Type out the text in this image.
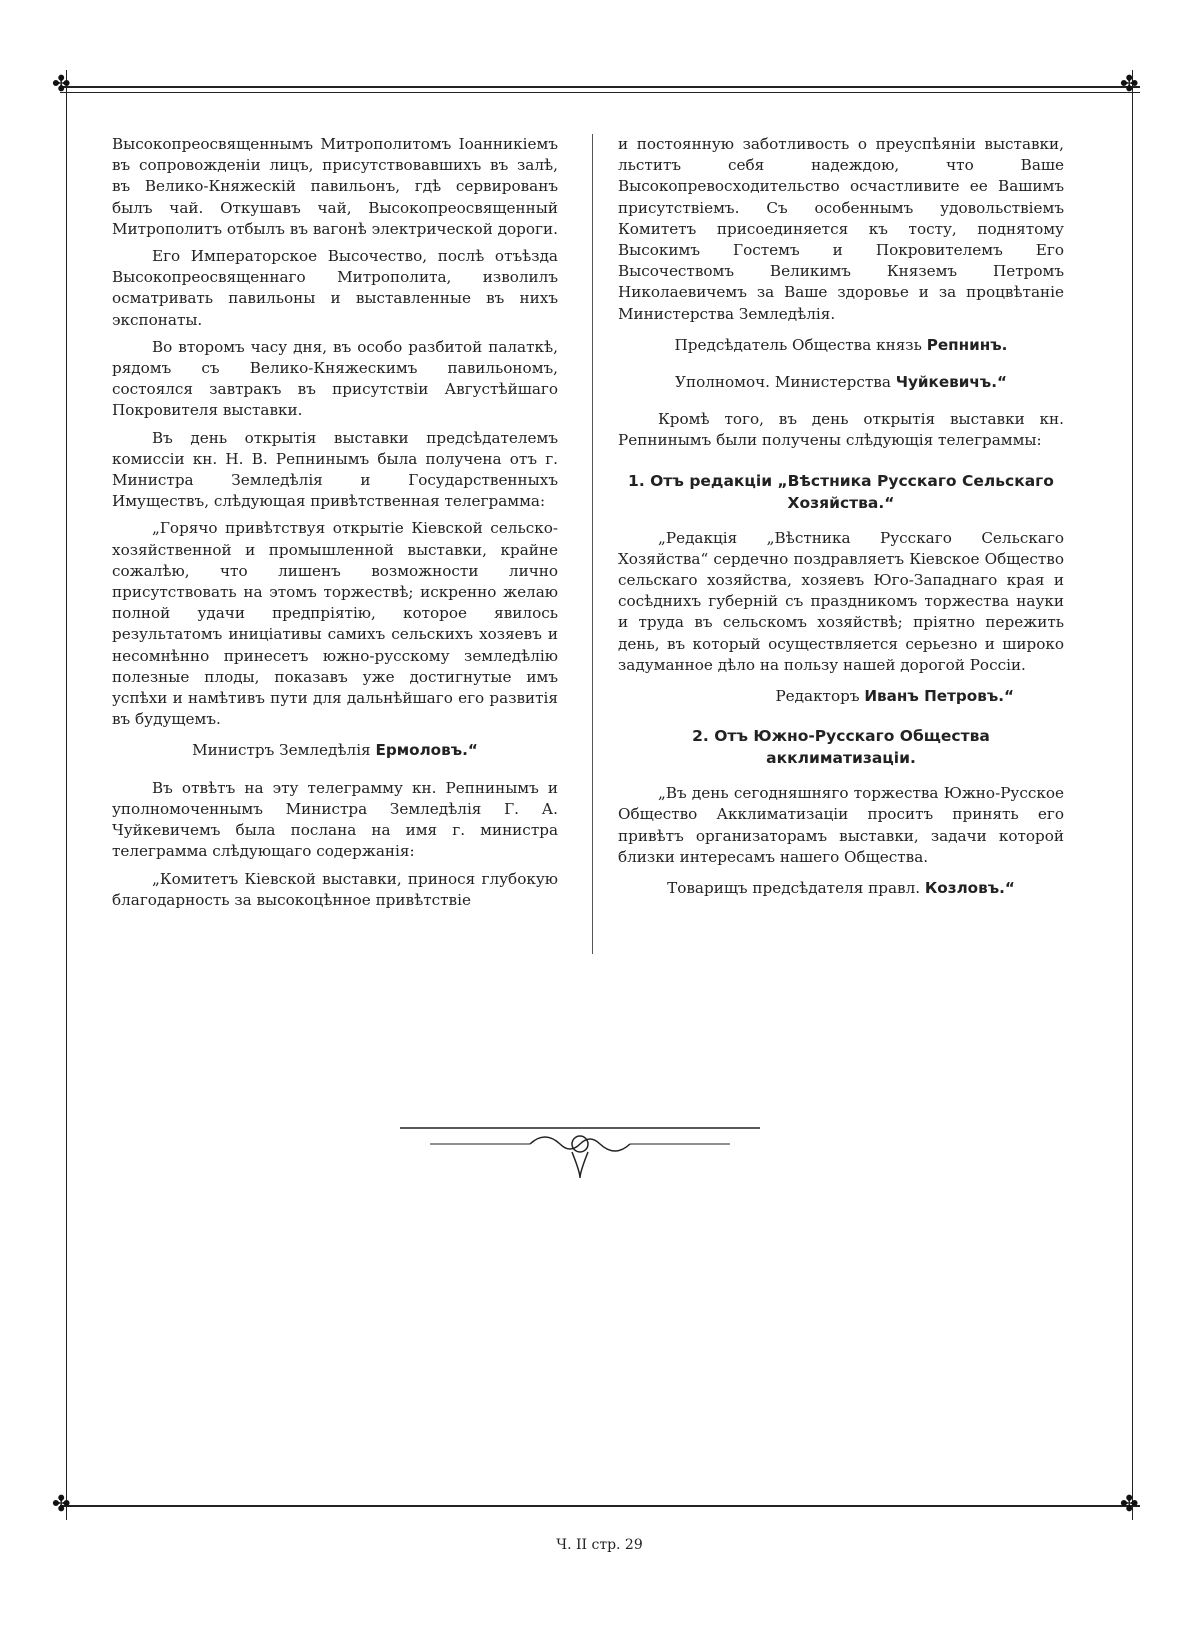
✤	✤
✤	✤

Высокопреосвященнымъ Митрополитомъ Іоанникіемъ въ сопровожденіи лицъ, присутствовавшихъ въ залѣ, въ Велико-Княжескій павильонъ, гдѣ сервированъ былъ чай. Откушавъ чай, Высокопреосвященный Митрополитъ отбылъ въ вагонѣ электрической дороги.

Его Императорское Высочество, послѣ отъѣзда Высокопреосвященнаго Митрополита, изволилъ осматривать павильоны и выставленные въ нихъ экспонаты.

Во второмъ часу дня, въ особо разбитой палаткѣ, рядомъ съ Велико-Княжескимъ павильономъ, состоялся завтракъ въ присутствіи Августѣйшаго Покровителя выставки.

Въ день открытія выставки предсѣдателемъ комиссіи кн. Н. В. Репнинымъ была получена отъ г. Министра Земледѣлія и Государственныхъ Имуществъ, слѣдующая привѣтственная телеграмма:

„Горячо привѣтствуя открытіе Кіевской сельско-хозяйственной и промышленной выставки, крайне сожалѣю, что лишенъ возможности лично присутствовать на этомъ торжествѣ; искренно желаю полной удачи предпріятію, которое явилось результатомъ иниціативы самихъ сельскихъ хозяевъ и несомнѣнно принесетъ южно-русскому земледѣлію полезные плоды, показавъ уже достигнутые имъ успѣхи и намѣтивъ пути для дальнѣйшаго его развитія въ будущемъ.

Министръ Земледѣлія Ермоловъ.“

Въ отвѣтъ на эту телеграмму кн. Репнинымъ и уполномоченнымъ Министра Земледѣлія Г. А. Чуйкевичемъ была послана на имя г. министра телеграмма слѣдующаго содержанія:

„Комитетъ Кіевской выставки, принося глубокую благодарность за высокоцѣнное привѣтствіе

и постоянную заботливость о преуспѣяніи выставки, льститъ себя надеждою, что Ваше Высокопревосходительство осчастливите ее Вашимъ присутствіемъ. Съ особеннымъ удовольствіемъ Комитетъ присоединяется къ тосту, поднятому Высокимъ Гостемъ и Покровителемъ Его Высочествомъ Великимъ Княземъ Петромъ Николаевичемъ за Ваше здоровье и за процвѣтаніе Министерства Земледѣлія.

Предсѣдатель Общества князь Репнинъ.
Уполномоч. Министерства Чуйкевичъ.“

Кромѣ того, въ день открытія выставки кн. Репнинымъ были получены слѣдующія телеграммы:

1. Отъ редакціи „Вѣстника Русскаго Сельскаго Хозяйства.“

„Редакція „Вѣстника Русскаго Сельскаго Хозяйства“ сердечно поздравляетъ Кіевское Общество сельскаго хозяйства, хозяевъ Юго-Западнаго края и сосѣднихъ губерній съ праздникомъ торжества науки и труда въ сельскомъ хозяйствѣ; пріятно пережить день, въ который осуществляется серьезно и широко задуманное дѣло на пользу нашей дорогой Россіи.

Редакторъ Иванъ Петровъ.“
2. Отъ Южно-Русскаго Общества акклиматизаціи.

„Въ день сегодняшняго торжества Южно-Русское Общество Акклиматизаціи проситъ принять его привѣтъ организаторамъ выставки, задачи которой близки интересамъ нашего Общества.

Товарищъ предсѣдателя правл. Козловъ.“
Ч. II стр. 29
